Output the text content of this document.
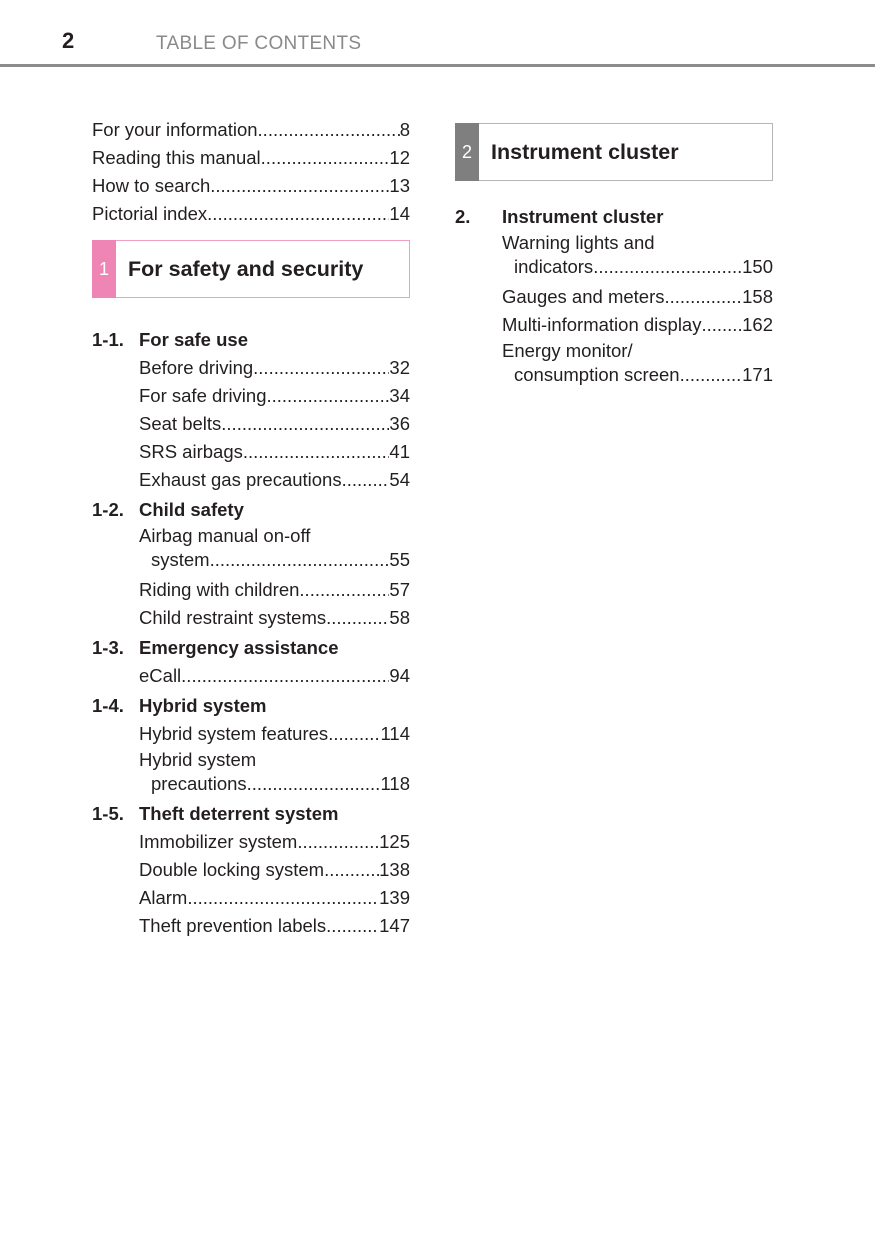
2	TABLE OF CONTENTS
For your information .....	8
Reading this manual .....	12
How to search .....	13
Pictorial index .....	14
1 For safety and security
1-1. For safe use
Before driving .....	32
For safe driving .....	34
Seat belts .....	36
SRS airbags .....	41
Exhaust gas precautions .....	54
1-2. Child safety
Airbag manual on-off
system .....	55
Riding with children .....	57
Child restraint systems .....	58
1-3. Emergency assistance
eCall .....	94
1-4. Hybrid system
Hybrid system features .....	114
Hybrid system
precautions .....	118
1-5. Theft deterrent system
Immobilizer system .....	125
Double locking system .....	138
Alarm .....	139
Theft prevention labels .....	147
2 Instrument cluster
2.	Instrument cluster
Warning lights and
indicators .....	150
Gauges and meters .....	158
Multi-information display ..... 162
Energy monitor/
consumption screen .....	171
